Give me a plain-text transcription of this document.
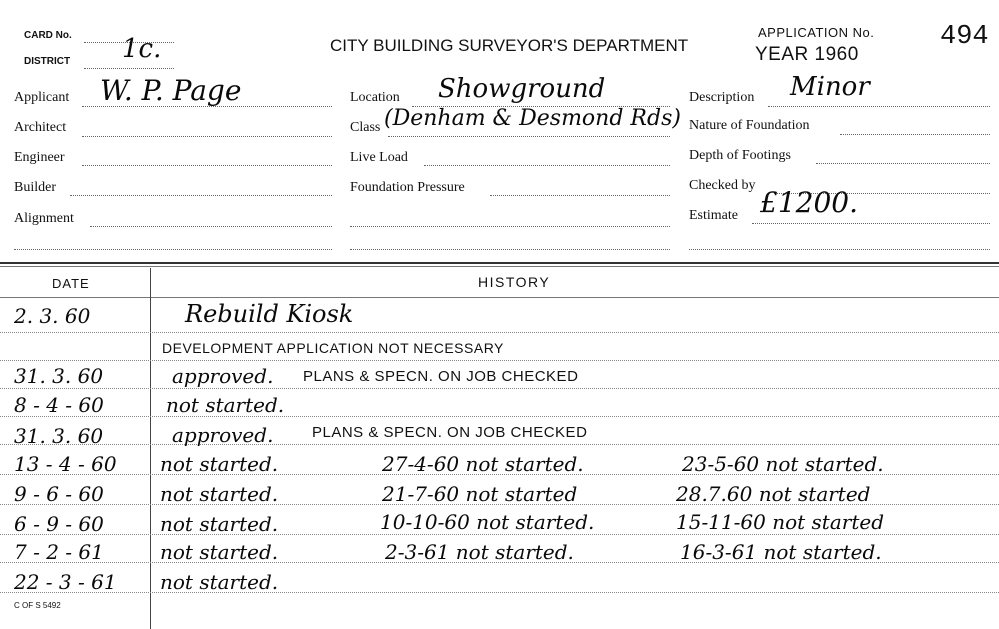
CARD No.
DISTRICT 1c.	CITY BUILDING SURVEYOR'S DEPARTMENT
APPLICATION No.
YEAR 1960
494
Applicant W. P. Page
Architect
Engineer
Builder
Alignment
Location Showground
Class (Denham & Desmond Rds)
Live Load
Foundation Pressure
Description Minor
Nature of Foundation
Depth of Footings
Checked by
Estimate £1200.
DATE	HISTORY
2. 3. 60	Rebuild Kiosk
DEVELOPMENT APPLICATION NOT NECESSARY
31. 3. 60	approved. PLANS & SPECN. ON JOB CHECKED
8 - 4 - 60	not started.
31. 3. 60	approved.	PLANS & SPECN. ON JOB CHECKED
13 - 4 - 60	not started.	27-4-60 not started.	23-5-60 not started.
9 - 6 - 60	not started.	21-7-60 not started	28.7.60 not started
6 - 9 - 60	not started.	10-10-60 not started.	15-11-60 not started
7 - 2 - 61	not started.	2-3-61 not started.	16-3-61 not started.
22 - 3 - 61	not started.
C OF S 5492
